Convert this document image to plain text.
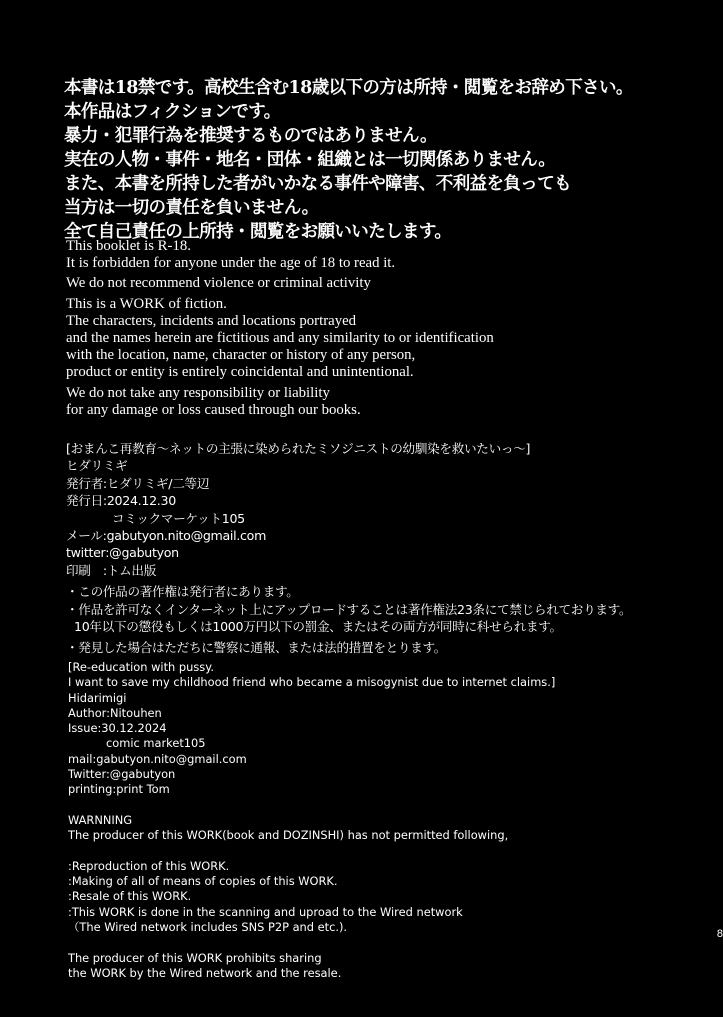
本書は18禁です。高校生含む18歳以下の方は所持・閲覧をお辞め下さい。
本作品はフィクションです。
暴力・犯罪行為を推奨するものではありません。
実在の人物・事件・地名・団体・組織とは一切関係ありません。
また、本書を所持した者がいかなる事件や障害、不利益を負っても
当方は一切の責任を負いません。
全て自己責任の上所持・閲覧をお願いいたします。
This booklet is R-18.
It is forbidden for anyone under the age of 18 to read it.
We do not recommend violence or criminal activity
This is a WORK of fiction.
The characters, incidents and locations portrayed
and the names herein are fictitious and any similarity to or identification
with the location, name, character or history of any person,
product or entity is entirely coincidental and unintentional.
We do not take any responsibility or liability
for any damage or loss caused through our books.
[おまんこ再教育〜ネットの主張に染められたミソジニストの幼馴染を救いたいっ〜]
ヒダリミギ
発行者:ヒダリミギ/二等辺
発行日:2024.12.30
コミックマーケット105
メール:gabutyon.nito@gmail.com
twitter:@gabutyon
印刷　:トム出版
・この作品の著作権は発行者にあります。
・作品を許可なくインターネット上にアップロードすることは著作権法23条にて禁じられております。
10年以下の懲役もしくは1000万円以下の罰金、またはその両方が同時に科せられます。
・発見した場合はただちに警察に通報、または法的措置をとります。
[Re-education with pussy.
I want to save my childhood friend who became a misogynist due to internet claims.]
Hidarimigi
Author:Nitouhen
Issue:30.12.2024
comic market105
mail:gabutyon.nito@gmail.com
Twitter:@gabutyon
printing:print Tom
WARNNING
The producer of this WORK(book and DOZINSHI) has not permitted following,
:Reproduction of this WORK.
:Making of all of means of copies of this WORK.
:Resale of this WORK.
:This WORK is done in the scanning and uproad to the Wired network
（The Wired network includes SNS P2P and etc.).
The producer of this WORK prohibits sharing
the WORK by the Wired network and the resale.
8
